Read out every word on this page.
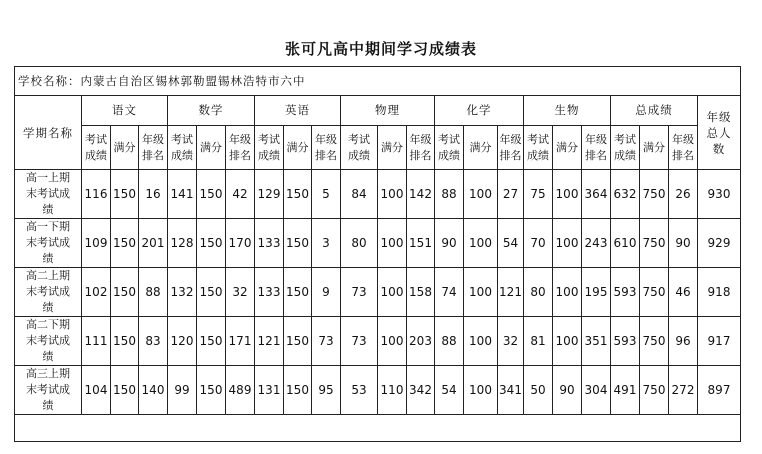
张可凡高中期间学习成绩表
学校名称：内蒙古自治区锡林郭勒盟锡林浩特市六中																						
学期名称	语文			数学			英语			物理			化学			生物			总成绩			年级总人数
	考试成绩	满分	年级排名	考试成绩	满分	年级排名	考试成绩	满分	年级排名	考试成绩	满分	年级排名	考试成绩	满分	年级排名	考试成绩	满分	年级排名	考试成绩	满分	年级排名	
高一上期末考试成绩	116	150	16	141	150	42	129	150	5	84	100	142	88	100	27	75	100	364	632	750	26	930
高一下期末考试成绩	109	150	201	128	150	170	133	150	3	80	100	151	90	100	54	70	100	243	610	750	90	929
高二上期末考试成绩	102	150	88	132	150	32	133	150	9	73	100	158	74	100	121	80	100	195	593	750	46	918
高二下期末考试成绩	111	150	83	120	150	171	121	150	73	73	100	203	88	100	32	81	100	351	593	750	96	917
高三上期末考试成绩	104	150	140	99	150	489	131	150	95	53	110	342	54	100	341	50	90	304	491	750	272	897
